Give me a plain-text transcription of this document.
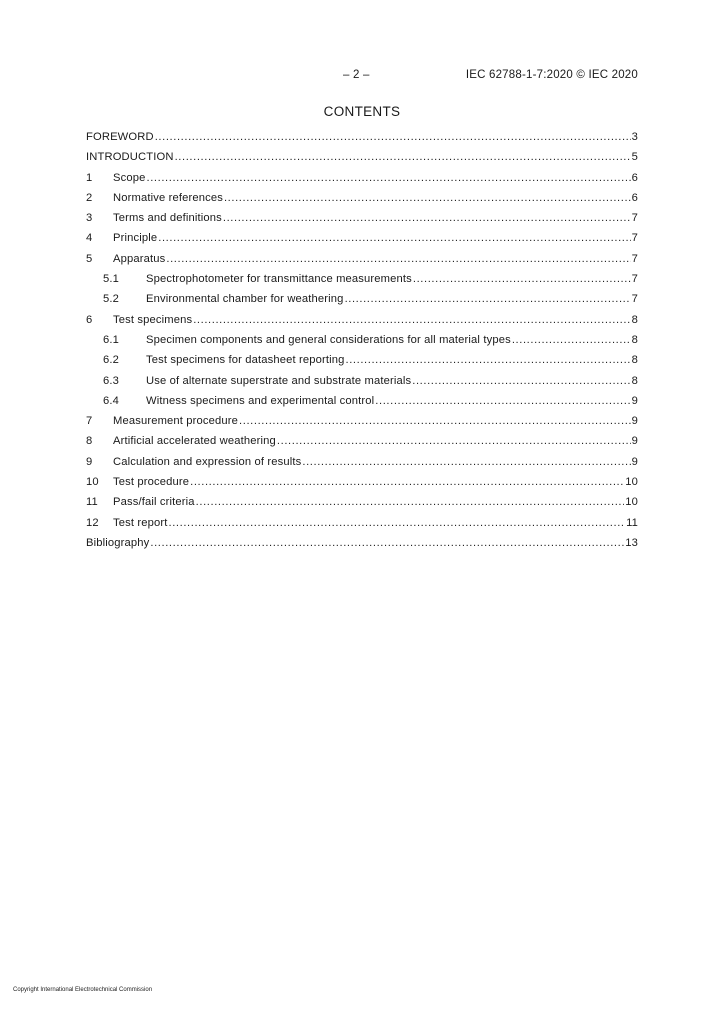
– 2 –	IEC 62788-1-7:2020 © IEC 2020
CONTENTS
FOREWORD .....	3
INTRODUCTION .....	5
1	Scope .....	6
2	Normative references .....	6
3	Terms and definitions .....	7
4	Principle .....	7
5	Apparatus .....	7
5.1	Spectrophotometer for transmittance measurements .....	7
5.2	Environmental chamber for weathering .....	7
6	Test specimens .....	8
6.1	Specimen components and general considerations for all material types .....	8
6.2	Test specimens for datasheet reporting .....	8
6.3	Use of alternate superstrate and substrate materials .....	8
6.4	Witness specimens and experimental control .....	9
7	Measurement procedure .....	9
8	Artificial accelerated weathering .....	9
9	Calculation and expression of results .....	9
10	Test procedure .....	10
11	Pass/fail criteria .....	10
12	Test report .....	11
Bibliography .....	13
Copyright International Electrotechnical Commission
